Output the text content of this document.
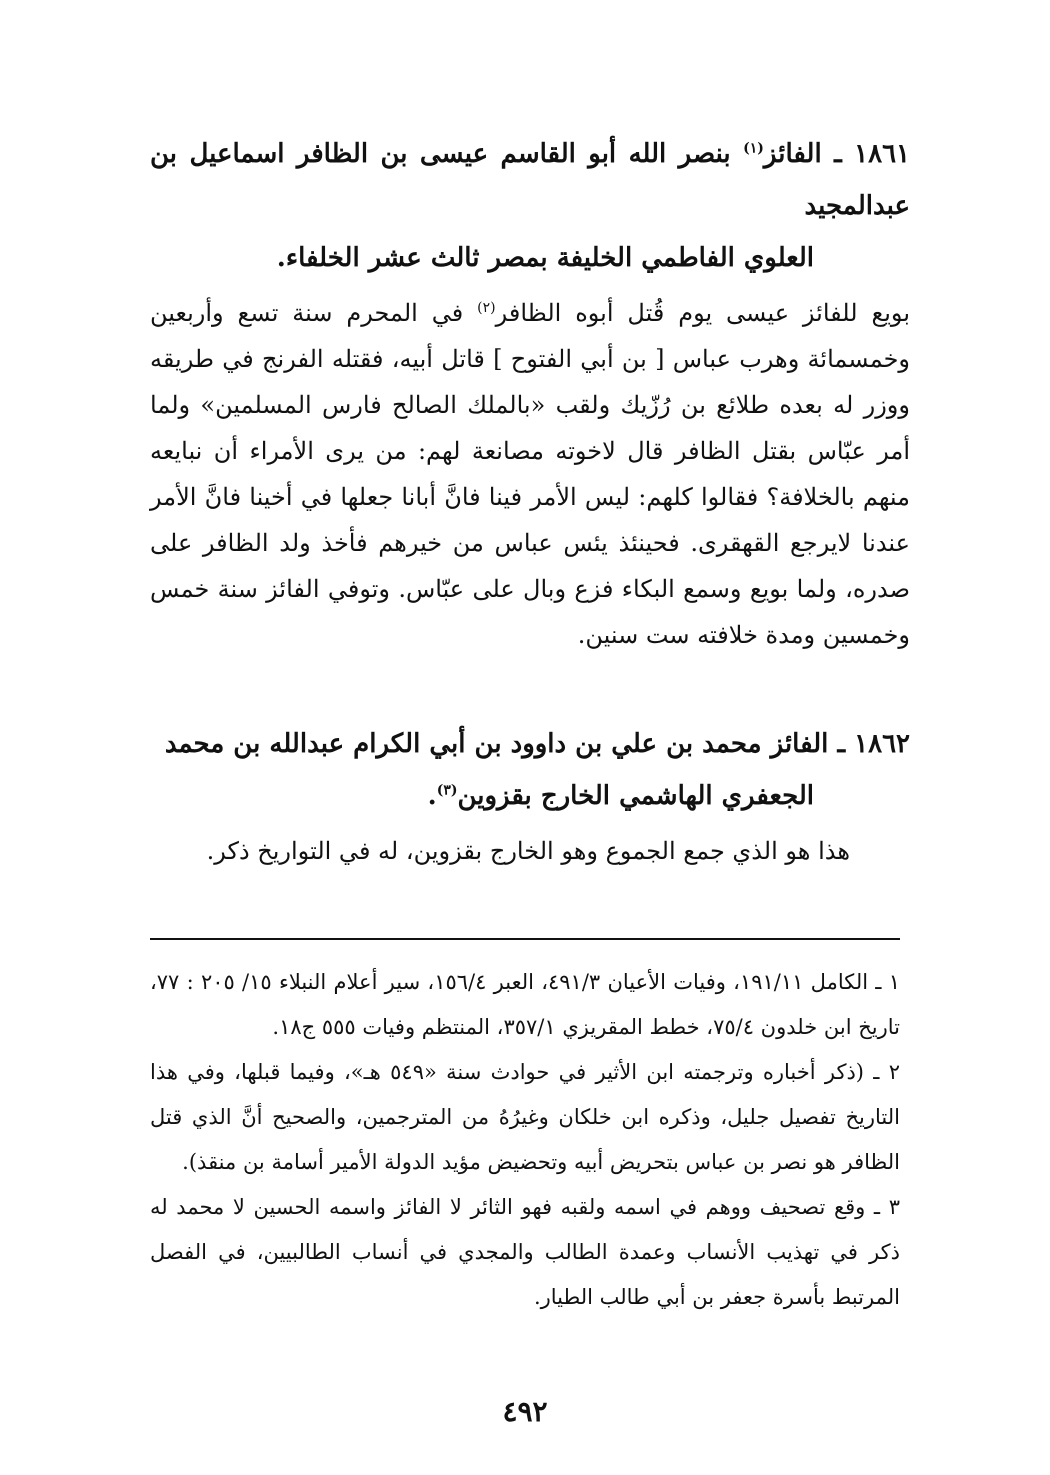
١٨٦١ ـ الفائز$^{(١)}$ بنصر الله أبو القاسم عيسى بن الظافر اسماعيل بن عبدالمجيد
العلوي الفاطمي الخليفة بمصر ثالث عشر الخلفاء.

بويع للفائز عيسى يوم قُتل أبوه الظافر$^{(٢)}$ في المحرم سنة تسع وأربعين وخمسمائة وهرب عباس [ بن أبي الفتوح ] قاتل أبيه، فقتله الفرنج في طريقه ووزر له بعده طلائع بن رُزّيك ولقب «بالملك الصالح فارس المسلمين» ولما أمر عبّاس بقتل الظافر قال لاخوته مصانعة لهم: من يرى الأمراء أن نبايعه منهم بالخلافة؟ فقالوا كلهم: ليس الأمر فينا فانَّ أبانا جعلها في أخينا فانَّ الأمر عندنا لايرجع القهقرى. فحينئذ يئس عباس من خيرهم فأخذ ولد الظافر على صدره، ولما بويع وسمع البكاء فزع وبال على عبّاس. وتوفي الفائز سنة خمس وخمسين ومدة خلافته ست سنين.

١٨٦٢ ـ الفائز محمد بن علي بن داوود بن أبي الكرام عبدالله بن محمد
الجعفري الهاشمي الخارج بقزوين$^{(٣)}$.

هذا هو الذي جمع الجموع وهو الخارج بقزوين، له في التواريخ ذكر.

١ ـ الكامل ١٩١/١١، وفيات الأعيان ٤٩١/٣، العبر ١٥٦/٤، سير أعلام النبلاء ١٥/ ٢٠٥ : ٧٧، تاريخ ابن خلدون ٧٥/٤، خطط المقريزي ٣٥٧/١، المنتظم وفيات ٥٥٥ ج١٨.

٢ ـ (ذكر أخباره وترجمته ابن الأثير في حوادث سنة «٥٤٩ هـ»، وفيما قبلها، وفي هذا التاريخ تفصيل جليل، وذكره ابن خلكان وغيرُهُ من المترجمين، والصحيح أنَّ الذي قتل الظافر هو نصر بن عباس بتحريض أبيه وتحضيض مؤيد الدولة الأمير أسامة بن منقذ).

٣ ـ وقع تصحيف ووهم في اسمه ولقبه فهو الثائر لا الفائز واسمه الحسين لا محمد له ذكر في تهذيب الأنساب وعمدة الطالب والمجدي في أنساب الطالبيين، في الفصل المرتبط بأسرة جعفر بن أبي طالب الطيار.

٤٩٢
